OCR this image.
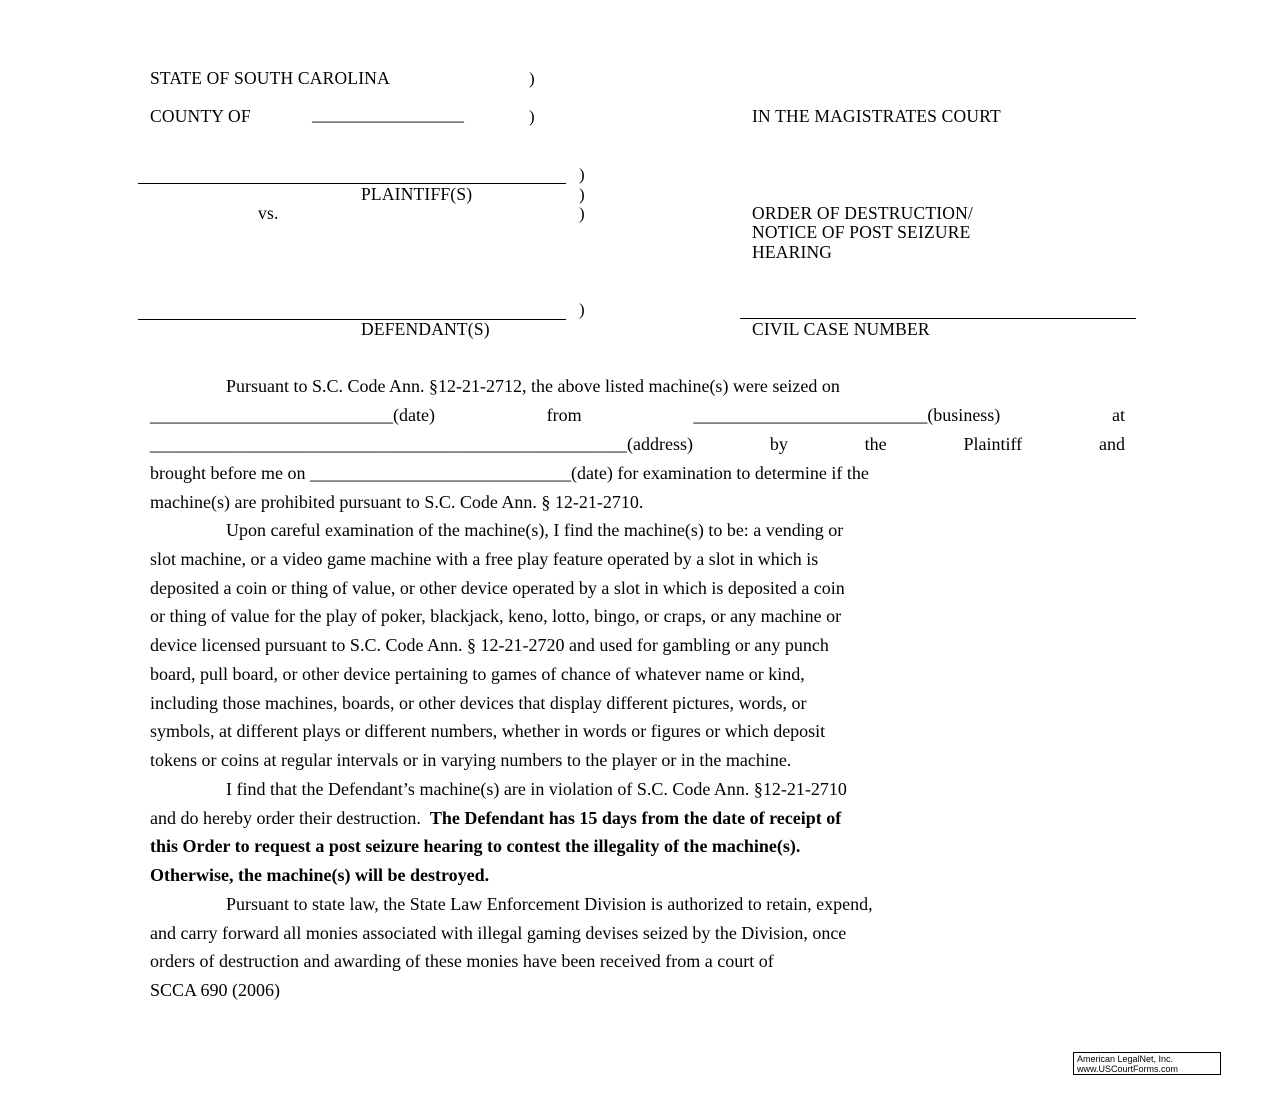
STATE OF SOUTH CAROLINA	)
COUNTY OF	_________________	)	IN THE MAGISTRATES COURT
)
PLAINTIFF(S)	)
vs.	)	ORDER OF DESTRUCTION/
NOTICE OF POST SEIZURE
HEARING
)
DEFENDANT(S)	CIVIL CASE NUMBER
Pursuant to S.C. Code Ann. §12-21-2712, the above listed machine(s) were seized on
___________________________(date)	from	__________________________(business)	at
_____________________________________________________(address)	by	the	Plaintiff	and
brought before me on _____________________________(date) for examination to determine if the
machine(s) are prohibited pursuant to S.C. Code Ann. § 12-21-2710.
Upon careful examination of the machine(s), I find the machine(s) to be: a vending or
slot machine, or a video game machine with a free play feature operated by a slot in which is
deposited a coin or thing of value, or other device operated by a slot in which is deposited a coin
or thing of value for the play of poker, blackjack, keno, lotto, bingo, or craps, or any machine or
device licensed pursuant to S.C. Code Ann. § 12-21-2720 and used for gambling or any punch
board, pull board, or other device pertaining to games of chance of whatever name or kind,
including those machines, boards, or other devices that display different pictures, words, or
symbols, at different plays or different numbers, whether in words or figures or which deposit
tokens or coins at regular intervals or in varying numbers to the player or in the machine.
I find that the Defendant’s machine(s) are in violation of S.C. Code Ann. §12-21-2710
and do hereby order their destruction. The Defendant has 15 days from the date of receipt of
this Order to request a post seizure hearing to contest the illegality of the machine(s).
Otherwise, the machine(s) will be destroyed.
Pursuant to state law, the State Law Enforcement Division is authorized to retain, expend,
and carry forward all monies associated with illegal gaming devises seized by the Division, once
orders of destruction and awarding of these monies have been received from a court of
SCCA 690 (2006)
American LegalNet, Inc.
www.USCourtForms.com
